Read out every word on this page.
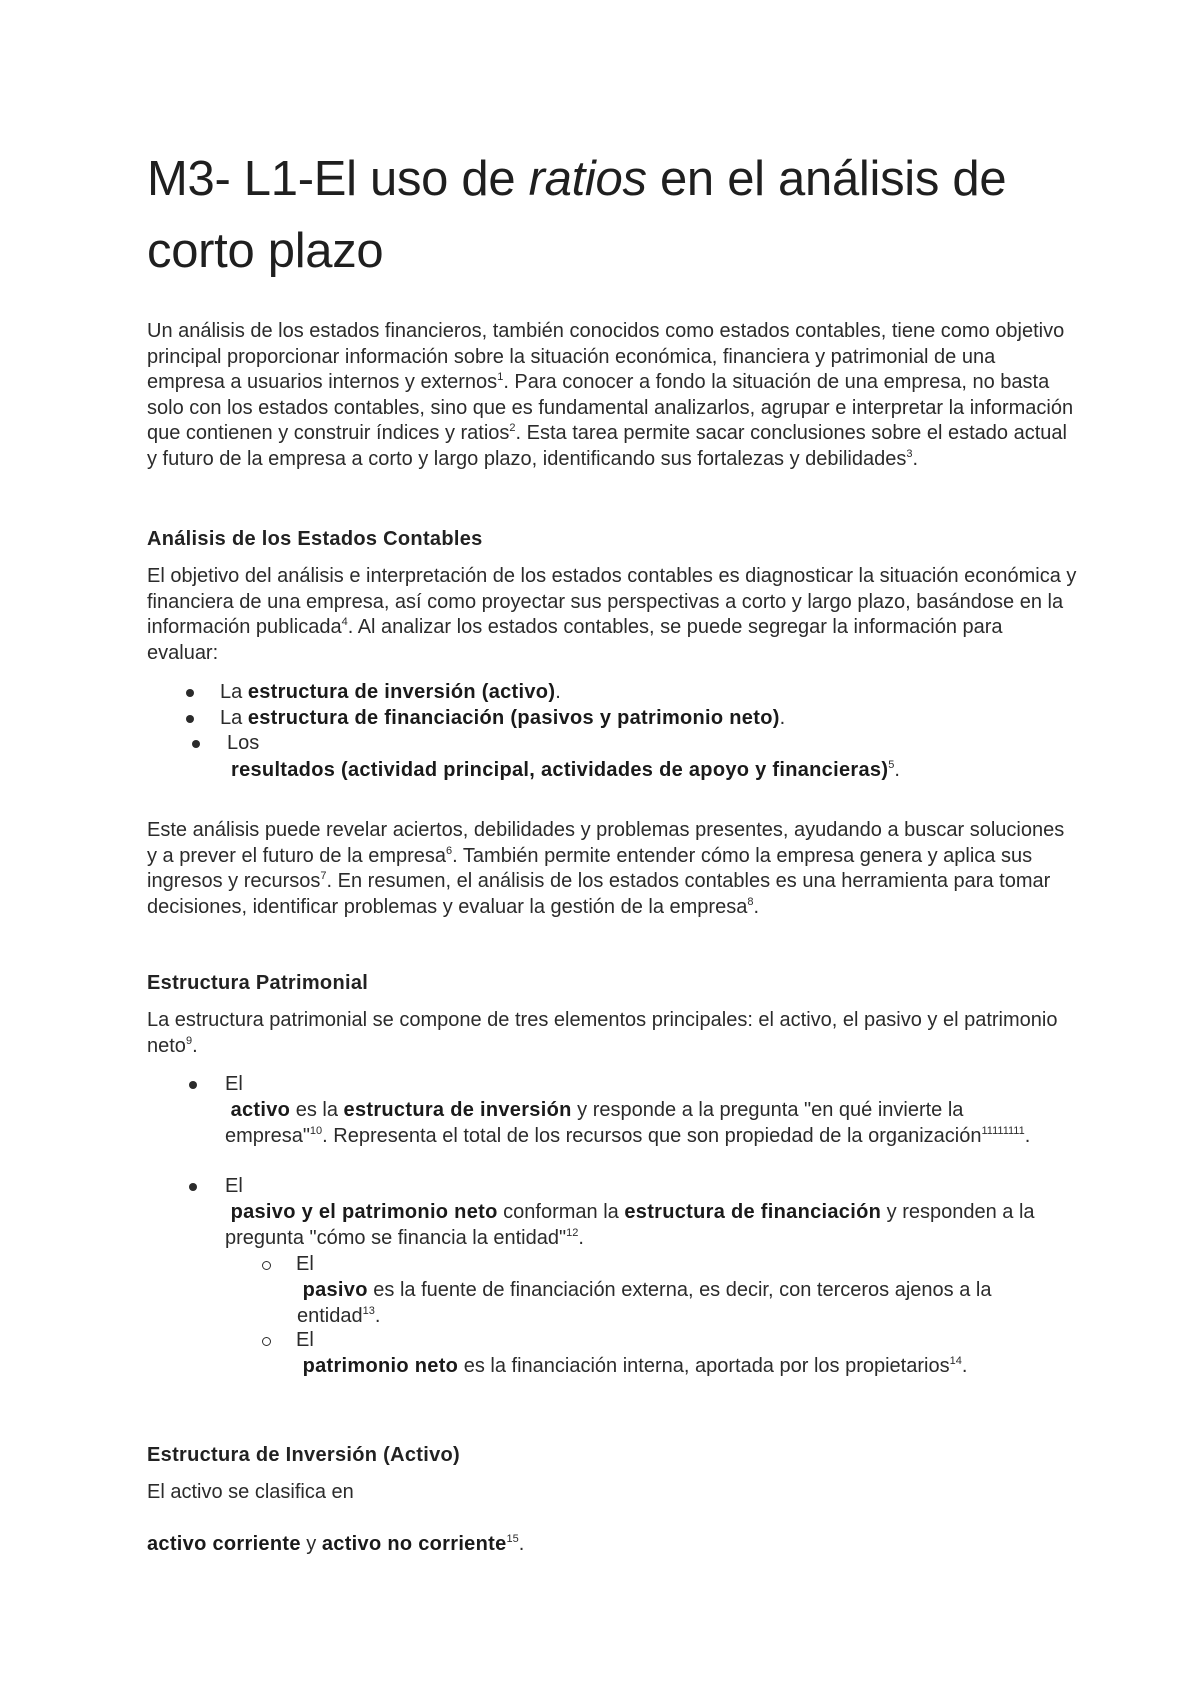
M3- L1-El uso de ratios en el análisis de corto plazo

Un análisis de los estados financieros, también conocidos como estados contables, tiene como objetivo principal proporcionar información sobre la situación económica, financiera y patrimonial de una empresa a usuarios internos y externos$^1$. Para conocer a fondo la situación de una empresa, no basta solo con los estados contables, sino que es fundamental analizarlos, agrupar e interpretar la información que contienen y construir índices y ratios$^2$. Esta tarea permite sacar conclusiones sobre el estado actual y futuro de la empresa a corto y largo plazo, identificando sus fortalezas y debilidades$^3$.

Análisis de los Estados Contables

El objetivo del análisis e interpretación de los estados contables es diagnosticar la situación económica y financiera de una empresa, así como proyectar sus perspectivas a corto y largo plazo, basándose en la información publicada$^4$. Al analizar los estados contables, se puede segregar la información para evaluar:

La estructura de inversión (activo).
La estructura de financiación (pasivos y patrimonio neto).
Los
resultados (actividad principal, actividades de apoyo y financieras)$^5$.

Este análisis puede revelar aciertos, debilidades y problemas presentes, ayudando a buscar soluciones y a prever el futuro de la empresa$^6$. También permite entender cómo la empresa genera y aplica sus ingresos y recursos$^7$. En resumen, el análisis de los estados contables es una herramienta para tomar decisiones, identificar problemas y evaluar la gestión de la empresa$^8$.

Estructura Patrimonial

La estructura patrimonial se compone de tres elementos principales: el activo, el pasivo y el patrimonio neto$^9$.

El
activo es la estructura de inversión y responde a la pregunta "en qué invierte la empresa"$^{10}$. Representa el total de los recursos que son propiedad de la organización$^{11111111}$.
El
pasivo y el patrimonio neto conforman la estructura de financiación y responden a la pregunta "cómo se financia la entidad"$^{12}$.
El
pasivo es la fuente de financiación externa, es decir, con terceros ajenos a la entidad$^{13}$.
El
patrimonio neto es la financiación interna, aportada por los propietarios$^{14}$.

Estructura de Inversión (Activo)

El activo se clasifica en

activo corriente y activo no corriente$^{15}$.
